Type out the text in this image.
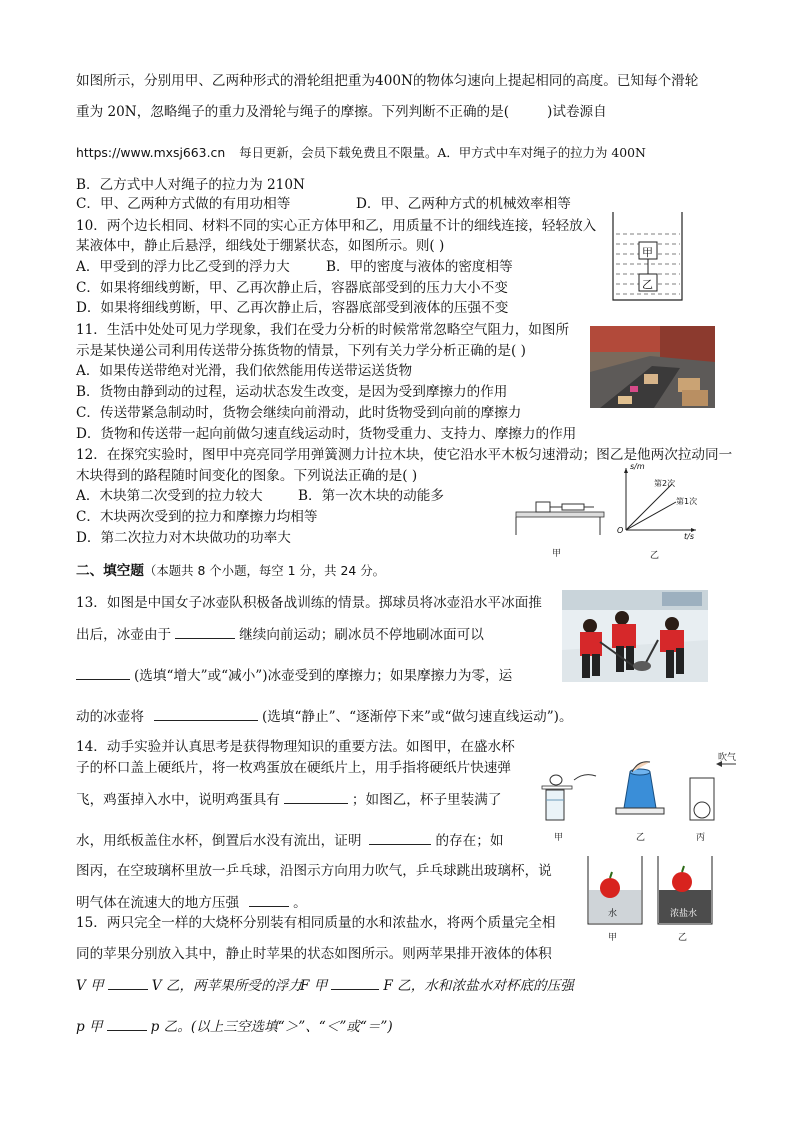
如图所示，分别用甲、乙两种形式的滑轮组把重为400N的物体匀速向上提起相同的高度。已知每个滑轮
重为 20N，忽略绳子的重力及滑轮与绳子的摩擦。下列判断不正确的是(	)试卷源自
https://www.mxsj663.cn 每日更新，会员下载免费且不限量。A．甲方式中车对绳子的拉力为 400N
B．乙方式中人对绳子的拉力为 210N
C．甲、乙两种方式做的有用功相等	D．甲、乙两种方式的机械效率相等
10．两个边长相同、材料不同的实心正方体甲和乙，用质量不计的细线连接，轻轻放入
某液体中，静止后悬浮，细线处于绷紧状态，如图所示。则( )
A．甲受到的浮力比乙受到的浮力大	B．甲的密度与液体的密度相等
C．如果将细线剪断，甲、乙再次静止后，容器底部受到的压力大小不变
D．如果将细线剪断，甲、乙再次静止后，容器底部受到液体的压强不变
甲
乙
11．生活中处处可见力学现象，我们在受力分析的时候常常忽略空气阻力，如图所
示是某快递公司利用传送带分拣货物的情景，下列有关力学分析正确的是( )
A．如果传送带绝对光滑，我们依然能用传送带运送货物
B．货物由静到动的过程，运动状态发生改变，是因为受到摩擦力的作用
C．传送带紧急制动时，货物会继续向前滑动，此时货物受到向前的摩擦力
D．货物和传送带一起向前做匀速直线运动时，货物受重力、支持力、摩擦力的作用
12．在探究实验时，图甲中亮亮同学用弹簧测力计拉木块，使它沿水平木板匀速滑动；图乙是他两次拉动同一
木块得到的路程随时间变化的图象。下列说法正确的是( )
A．木块第二次受到的拉力较大	B．第一次木块的动能多
C．木块两次受到的拉力和摩擦力均相等
D．第二次拉力对木块做功的功率大
甲
s/m
t/s
O
第2次
第1次
乙
二、填空题（本题共 8 个小题，每空 1 分，共 24 分。
13．如图是中国女子冰壶队积极备战训练的情景。掷球员将冰壶沿水平冰面推
出后，冰壶由于	继续向前运动；刷冰员不停地刷冰面可以
(选填“增大”或“减小”)冰壶受到的摩擦力；如果摩擦力为零，运
动的冰壶将	(选填“静止”、“逐渐停下来”或“做匀速直线运动”)。
14．动手实验并认真思考是获得物理知识的重要方法。如图甲，在盛水杯
子的杯口盖上硬纸片，将一枚鸡蛋放在硬纸片上，用手指将硬纸片快速弹
飞，鸡蛋掉入水中，说明鸡蛋具有	；如图乙，杯子里装满了
水，用纸板盖住水杯，倒置后水没有流出，证明	的存在；如
图丙，在空玻璃杯里放一乒乓球，沿图示方向用力吹气，乒乓球跳出玻璃杯，说
明气体在流速大的地方压强	。
吹气
甲	乙	丙
15．两只完全一样的大烧杯分别装有相同质量的水和浓盐水，将两个质量完全相
同的苹果分别放入其中，静止时苹果的状态如图所示。则两苹果排开液体的体积
V 甲	V 乙，两苹果所受的浮力
F 甲	F 乙，水和浓盐水对杯底的压强
p 甲	p 乙。(以上三空选填“＞”、“＜”或“＝”)
水	浓盐水
甲	乙
